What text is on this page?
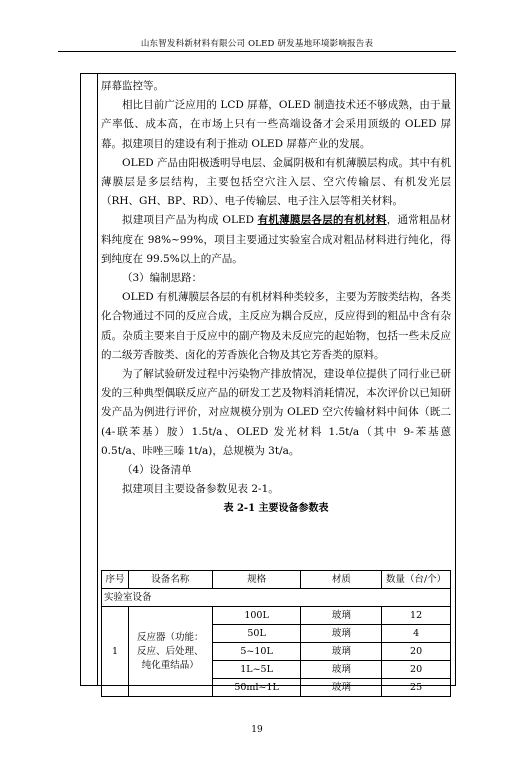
山东智发科新材料有限公司 OLED 研发基地环境影响报告表

屏幕监控等。

相比目前广泛应用的 LCD 屏幕，OLED 制造技术还不够成熟，由于量产率低、成本高，在市场上只有一些高端设备才会采用顶级的 OLED 屏幕。拟建项目的建设有利于推动 OLED 屏幕产业的发展。

OLED 产品由阳极透明导电层、金属阴极和有机薄膜层构成。其中有机薄膜层是多层结构，主要包括空穴注入层、空穴传输层、有机发光层（RH、GH、BP、RD）、电子传输层、电子注入层等相关材料。

拟建项目产品为构成 OLED 有机薄膜层各层的有机材料，通常粗品材料纯度在 98%~99%，项目主要通过实验室合成对粗品材料进行纯化，得到纯度在 99.5%以上的产品。

（3）编制思路：

OLED 有机薄膜层各层的有机材料种类较多，主要为芳胺类结构，各类化合物通过不同的反应合成，主反应为耦合反应，反应得到的粗品中含有杂质。杂质主要来自于反应中的副产物及未反应完的起始物，包括一些未反应的二级芳香胺类、卤化的芳香族化合物及其它芳香类的原料。

为了解试验研发过程中污染物产排放情况，建设单位提供了同行业已研发的三种典型偶联反应产品的研发工艺及物料消耗情况，本次评价以已知研发产品为例进行评价，对应规模分别为 OLED 空穴传输材料中间体（既二(4-联苯基）胺）1.5t/a、OLED 发光材料 1.5t/a（其中 9-苯基蒽 0.5t/a、咔唑三嗪 1t/a)，总规模为 3t/a。

（4）设备清单

拟建项目主要设备参数见表 2-1。

表 2-1 主要设备参数表

序号	设备名称	规格	材质	数量（台/个）
实验室设备				
1	反应器（功能：反应、后处理、纯化重结晶）	100L	玻璃	12
		50L	玻璃	4
		5~10L	玻璃	20
		1L~5L	玻璃	20
		50ml~1L	玻璃	25
19
